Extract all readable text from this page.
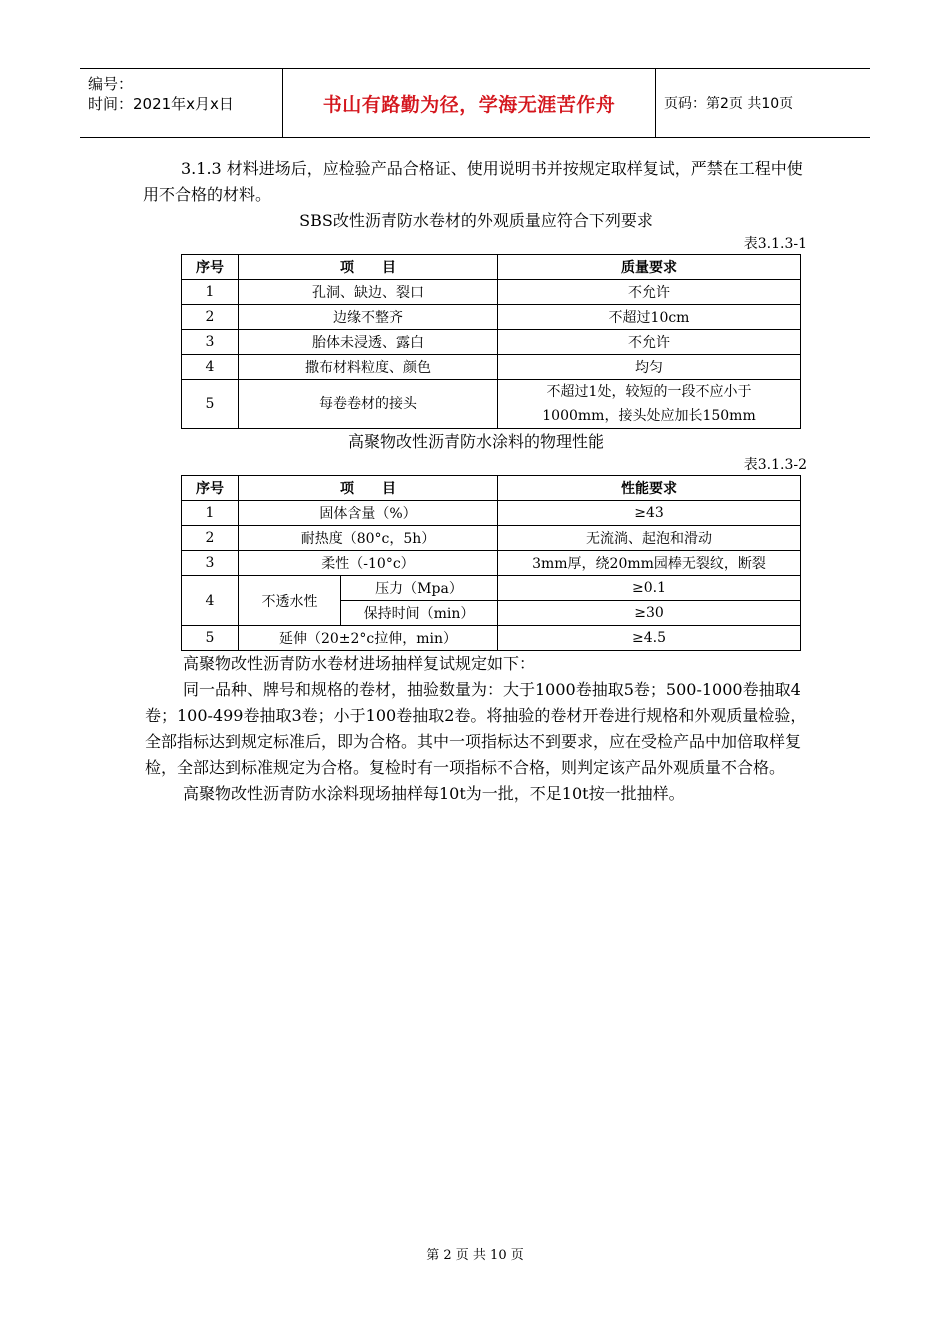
编号：
时间：2021年x月x日	书山有路勤为径，学海无涯苦作舟	页码：第2页 共10页

3.1.3 材料进场后，应检验产品合格证、使用说明书并按规定取样复试，严禁在工程中使用不合格的材料。

SBS改性沥青防水卷材的外观质量应符合下列要求
表3.1.3-1
序号	项　　目	质量要求
1	孔洞、缺边、裂口	不允许
2	边缘不整齐	不超过10cm
3	胎体未浸透、露白	不允许
4	撒布材料粒度、颜色	均匀
5	每卷卷材的接头	不超过1处，较短的一段不应小于1000mm，接头处应加长150mm
高聚物改性沥青防水涂料的物理性能
表3.1.3-2
序号	项　　目		性能要求
1	固体含量（%）		≥43
2	耐热度（80°c，5h）		无流淌、起泡和滑动
3	柔性（-10°c）		3mm厚，绕20mm园棒无裂纹，断裂
4	不透水性	压力（Mpa）	≥0.1
		保持时间（min）	≥30
5	延伸（20±2°c拉伸，min）		≥4.5

高聚物改性沥青防水卷材进场抽样复试规定如下：

同一品种、牌号和规格的卷材，抽验数量为：大于1000卷抽取5卷；500-1000卷抽取4卷；100-499卷抽取3卷；小于100卷抽取2卷。将抽验的卷材开卷进行规格和外观质量检验，全部指标达到规定标准后，即为合格。其中一项指标达不到要求，应在受检产品中加倍取样复检，全部达到标准规定为合格。复检时有一项指标不合格，则判定该产品外观质量不合格。

高聚物改性沥青防水涂料现场抽样每10t为一批，不足10t按一批抽样。

第 2 页 共 10 页
